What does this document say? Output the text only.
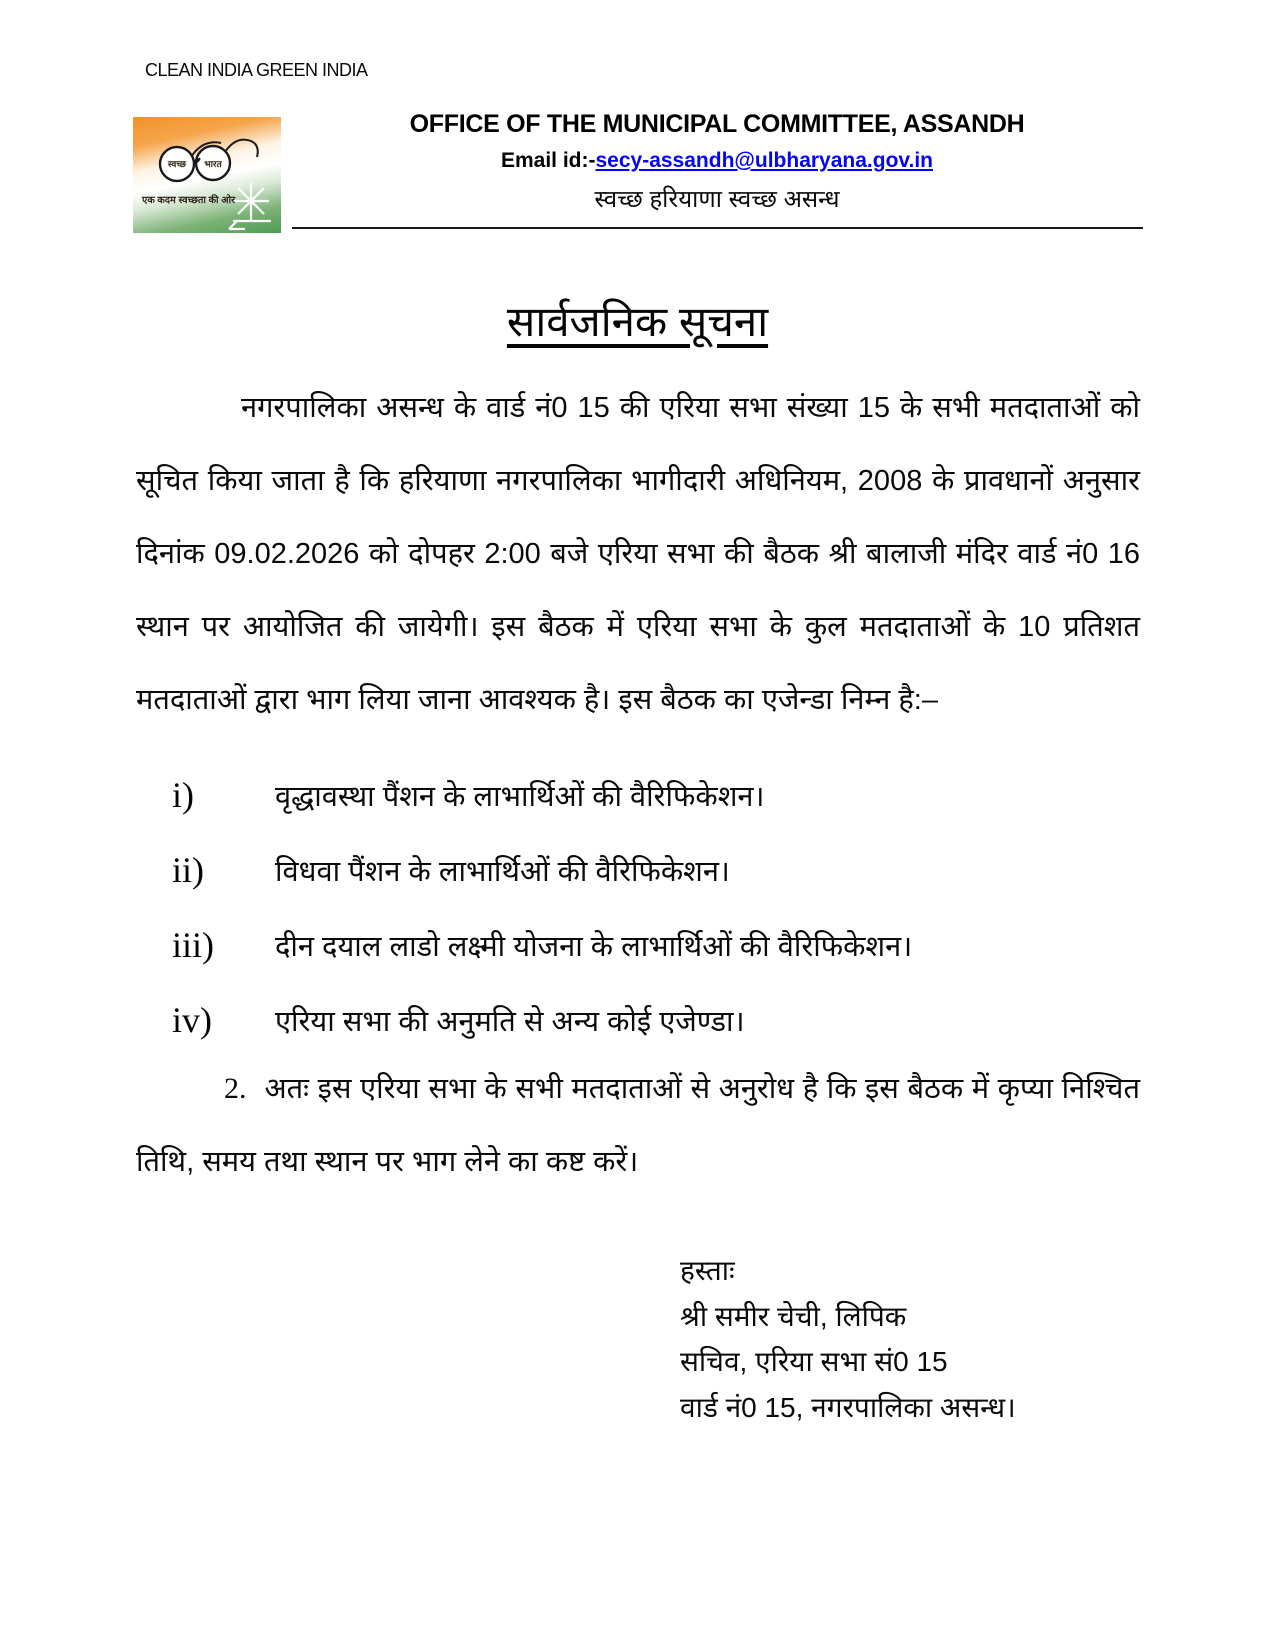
CLEAN INDIA GREEN INDIA
स्वच्छ भारत
एक कदम स्वच्छता की ओर
OFFICE OF THE MUNICIPAL COMMITTEE, ASSANDH
Email id:-secy-assandh@ulbharyana.gov.in
स्वच्छ हरियाणा स्वच्छ असन्ध
सार्वजनिक सूचना
नगरपालिका असन्ध के वार्ड नं0 15 की एरिया सभा संख्या 15 के सभी मतदाताओं को सूचित किया जाता है कि हरियाणा नगरपालिका भागीदारी अधिनियम, 2008 के प्रावधानों अनुसार दिनांक 09.02.2026 को दोपहर 2:00 बजे एरिया सभा की बैठक श्री बालाजी मंदिर वार्ड नं0 16 स्थान पर आयोजित की जायेगी। इस बैठक में एरिया सभा के कुल मतदाताओं के 10 प्रतिशत मतदाताओं द्वारा भाग लिया जाना आवश्यक है। इस बैठक का एजेन्डा निम्न है:–
i)	वृद्धावस्था पैंशन के लाभार्थिओं की वैरिफिकेशन।
ii)	विधवा पैंशन के लाभार्थिओं की वैरिफिकेशन।
iii)	दीन दयाल लाडो लक्ष्मी योजना के लाभार्थिओं की वैरिफिकेशन।
iv)	एरिया सभा की अनुमति से अन्य कोई एजेण्डा।
2. अतः इस एरिया सभा के सभी मतदाताओं से अनुरोध है कि इस बैठक में कृप्या निश्चित तिथि, समय तथा स्थान पर भाग लेने का कष्ट करें।
हस्ताः
श्री समीर चेची, लिपिक
सचिव, एरिया सभा सं0 15
वार्ड नं0 15, नगरपालिका असन्ध।
